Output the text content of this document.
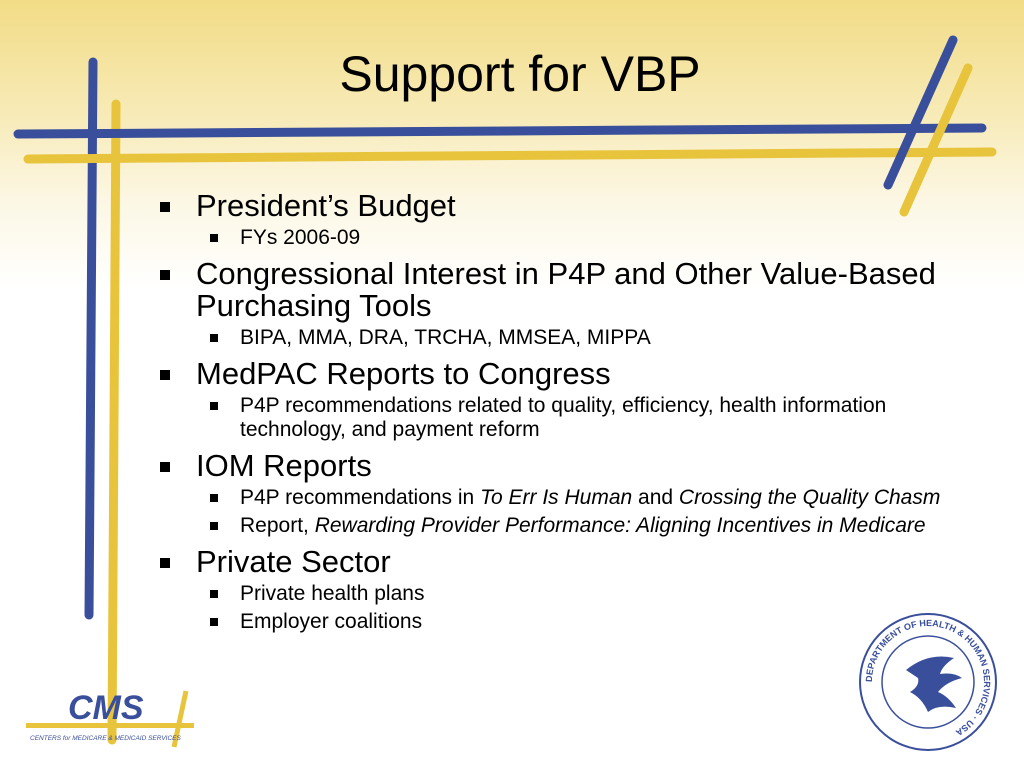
Support for VBP
President’s Budget
FYs 2006-09
Congressional Interest in P4P and Other Value-Based Purchasing Tools
BIPA, MMA, DRA, TRCHA, MMSEA, MIPPA
MedPAC Reports to Congress
P4P recommendations related to quality, efficiency, health information technology, and payment reform
IOM Reports
P4P recommendations in To Err Is Human and Crossing the Quality Chasm
Report, Rewarding Provider Performance: Aligning Incentives in Medicare
Private Sector
Private health plans
Employer coalitions
CMS
CENTERS for MEDICARE & MEDICAID SERVICES
DEPARTMENT OF HEALTH & HUMAN SERVICES · USA
